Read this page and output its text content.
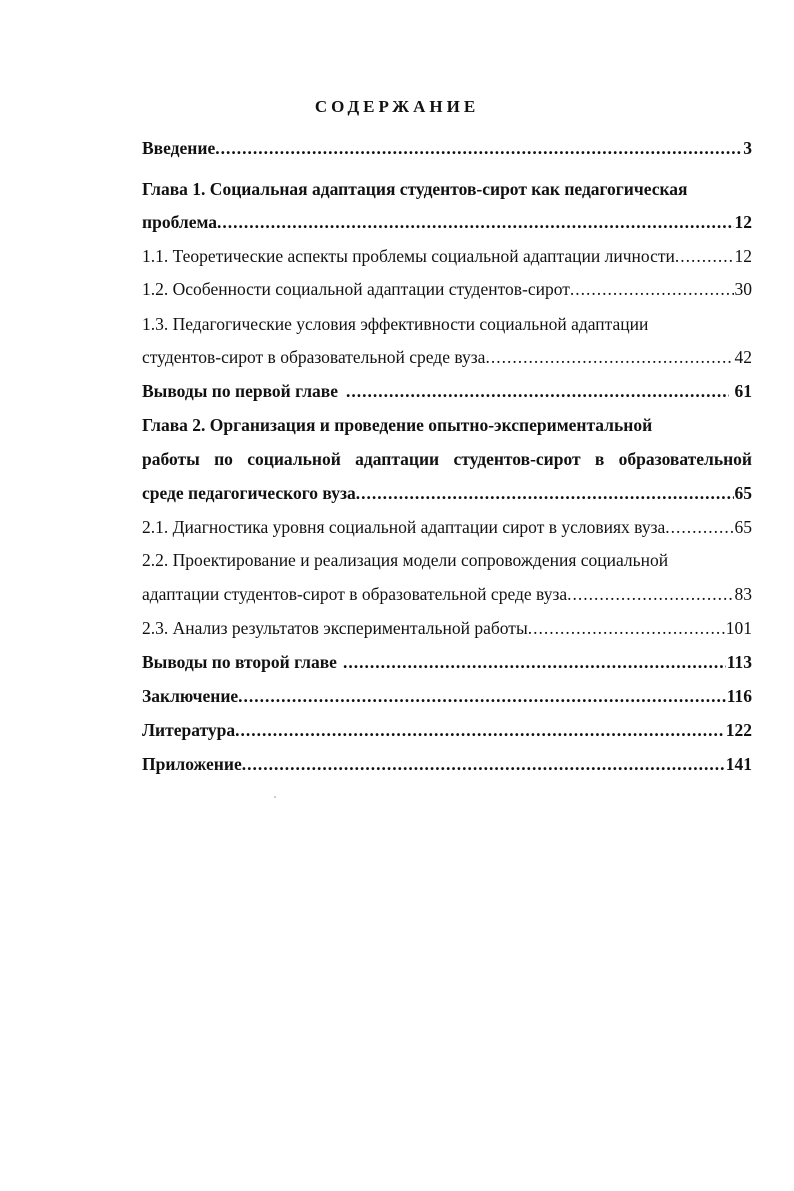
СОДЕРЖАНИЕ
Введение .....	3
Глава 1. Социальная адаптация студентов-сирот как педагогическая
проблема .....	12
1.1. Теоретические аспекты проблемы социальной адаптации личности .....	12
1.2. Особенности социальной адаптации студентов-сирот .....	30
1.3. Педагогические условия эффективности социальной адаптации
студентов-сирот в образовательной среде вуза .....	42
Выводы по первой главе .....	61
Глава 2. Организация и проведение опытно-экспериментальной
работы по социальной адаптации студентов-сирот в образовательной
среде педагогического вуза .....	65
2.1. Диагностика уровня социальной адаптации сирот в условиях вуза .....	65
2.2. Проектирование и реализация модели сопровождения социальной
адаптации студентов-сирот в образовательной среде вуза .....	83
2.3. Анализ результатов экспериментальной работы .....	101
Выводы по второй главе .....	113
Заключение .....	116
Литература .....	122
Приложение .....	141
